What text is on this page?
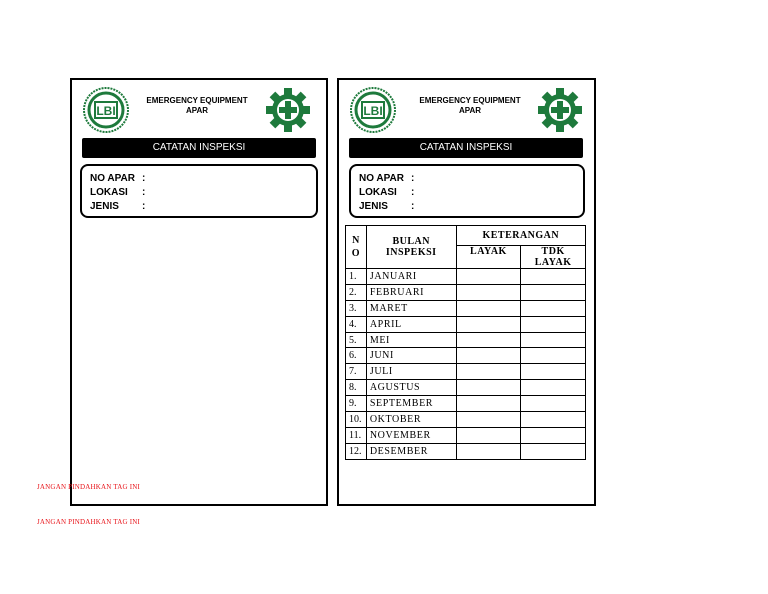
LBI
EMERGENCY EQUIPMENT
APAR
CATATAN INSPEKSI
NO APAR :
LOKASI	:
JENIS	:
LBI
EMERGENCY EQUIPMENT
APAR
CATATAN INSPEKSI
NO APAR :
LOKASI	:
JENIS	:
N O	BULAN INSPEKSI	KETERANGAN	
		LAYAK	TDK LAYAK
1.	JANUARI		
2.	FEBRUARI		
3.	MARET		
4.	APRIL		
5.	MEI		
6.	JUNI		
7.	JULI		
8.	AGUSTUS		
9.	SEPTEMBER		
10.	OKTOBER		
11.	NOVEMBER		
12.	DESEMBER		
JANGAN PINDAHKAN TAG INI
JANGAN PINDAHKAN TAG INI
